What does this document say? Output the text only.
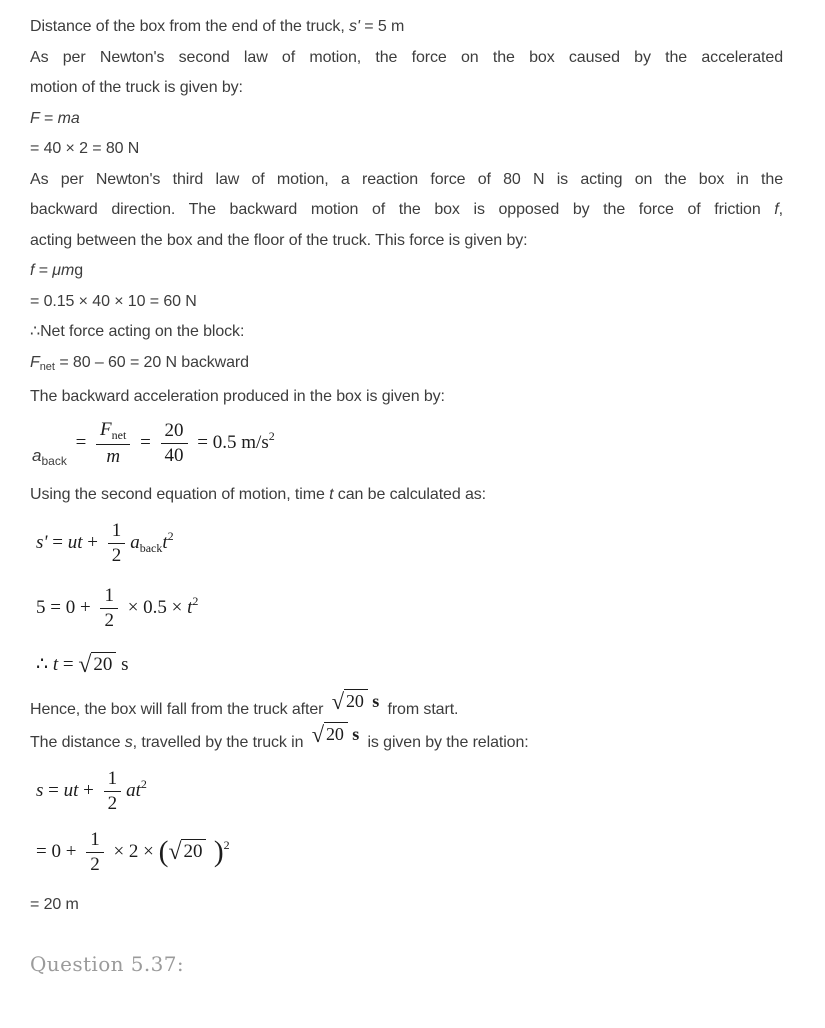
Distance of the box from the end of the truck, s' = 5 m
As per Newton's second law of motion, the force on the box caused by the accelerated
motion of the truck is given by:
F = ma
= 40 × 2 = 80 N
As per Newton's third law of motion, a reaction force of 80 N is acting on the box in the
backward direction. The backward motion of the box is opposed by the force of friction f,
acting between the box and the floor of the truck. This force is given by:
f = μmg
= 0.15 × 40 × 10 = 60 N
∴Net force acting on the block:
$F_{net} = 80 - 60 = 20$ N backward
The backward acceleration produced in the box is given by:
$a_{back} = \frac{F_{net}}{m} = \frac{20}{40} = 0.5$ $m/s^2$
Using the second equation of motion, time t can be calculated as:
s' = ut + $\frac{1}{2} a_{back}t^2$
$5 = 0 + \frac{1}{2} \times 0.5 \times t^2$
∴ t = √ 20 s
Hence, the box will fall from the truck after √ 20 s from start.
The distance s, travelled by the truck in √ 20 s is given by the relation:
s = ut + $\frac{1}{2} at^2$
= $0 + \frac{1}{2} \times 2$ × (√ 20 )$^2$
= 20 m
Question 5.37:
